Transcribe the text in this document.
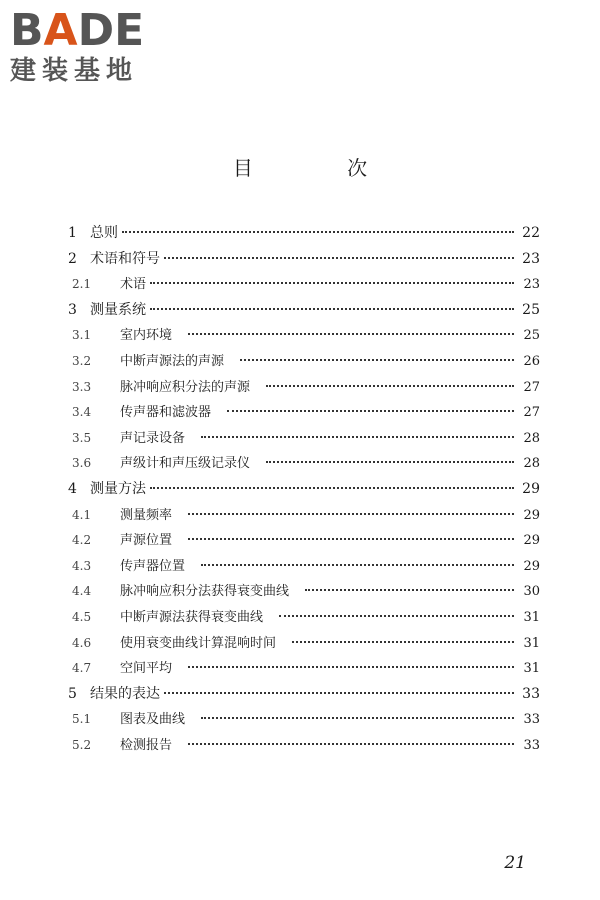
BADE
建装基地
目 次
1 总则	22
2 术语和符号	23
2.1	术语	23
3 测量系统	25
3.1	室内环境	25
3.2	中断声源法的声源	26
3.3	脉冲响应积分法的声源	27
3.4	传声器和滤波器	27
3.5	声记录设备	28
3.6	声级计和声压级记录仪	28
4 测量方法	29
4.1	测量频率	29
4.2	声源位置	29
4.3	传声器位置	29
4.4	脉冲响应积分法获得衰变曲线	30
4.5	中断声源法获得衰变曲线	31
4.6	使用衰变曲线计算混响时间	31
4.7	空间平均	31
5 结果的表达	33
5.1	图表及曲线	33
5.2	检测报告	33
21
